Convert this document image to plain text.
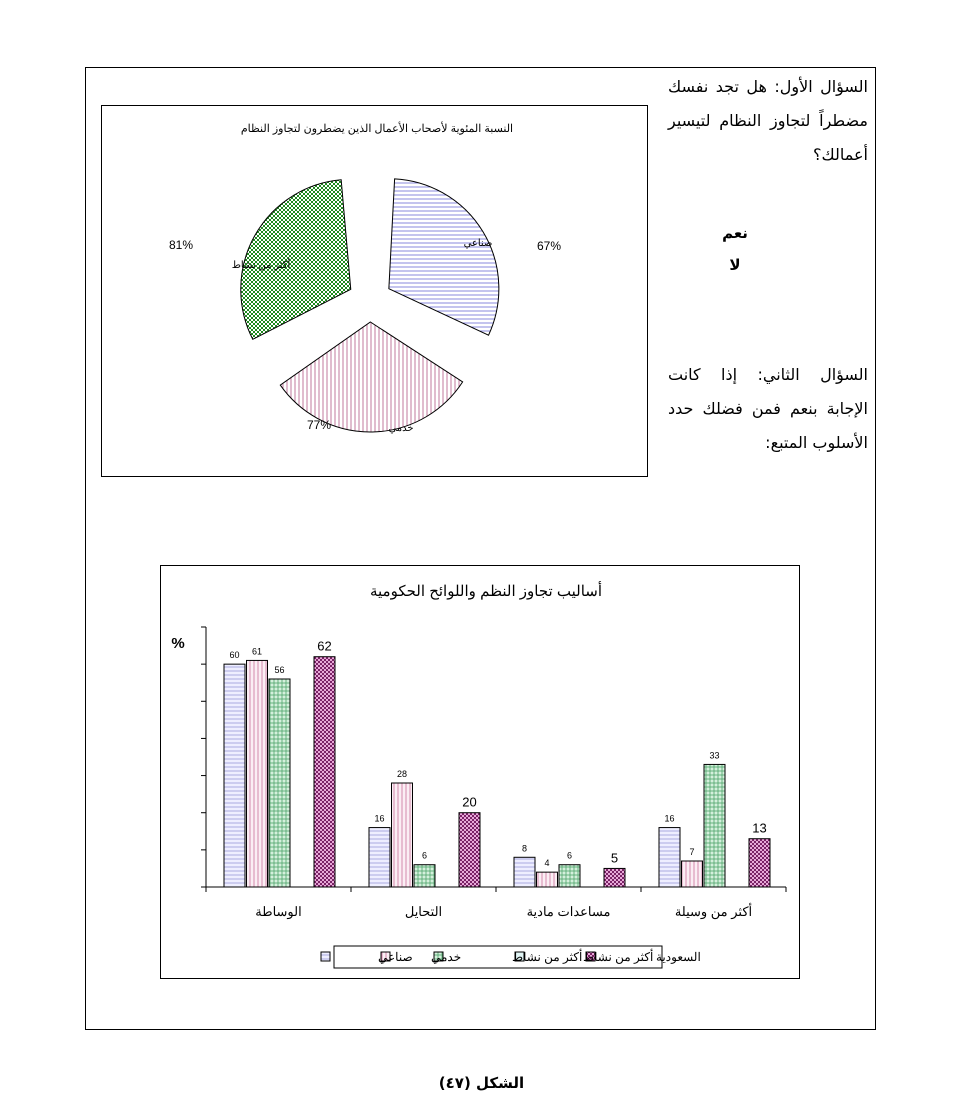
السؤال الأول: هل تجد نفسك مضطراً لتجاوز النظام لتيسير أعمالك؟
نعم
لا
السؤال الثاني: إذا كانت الإجابة بنعم فمن فضلك حدد الأسلوب المتبع:
النسبة المئوية لأصحاب الأعمال الذين يضطرون لتجاوز النظام
صناعي	67%
خدمي
77%
أكثر من نشاط
81%
أساليب تجاوز النظم واللوائح الحكومية
%
60 61
56
62
الوساطة
16
28
6
20
التحايل
8
4
6	5
مساعدات مادية
16
7
33
13
أكثر من وسيلة
السعودية
أكثر من نشاط
أكثر من نشاط
خدمي
صناعي
الشكل (٤٧)
